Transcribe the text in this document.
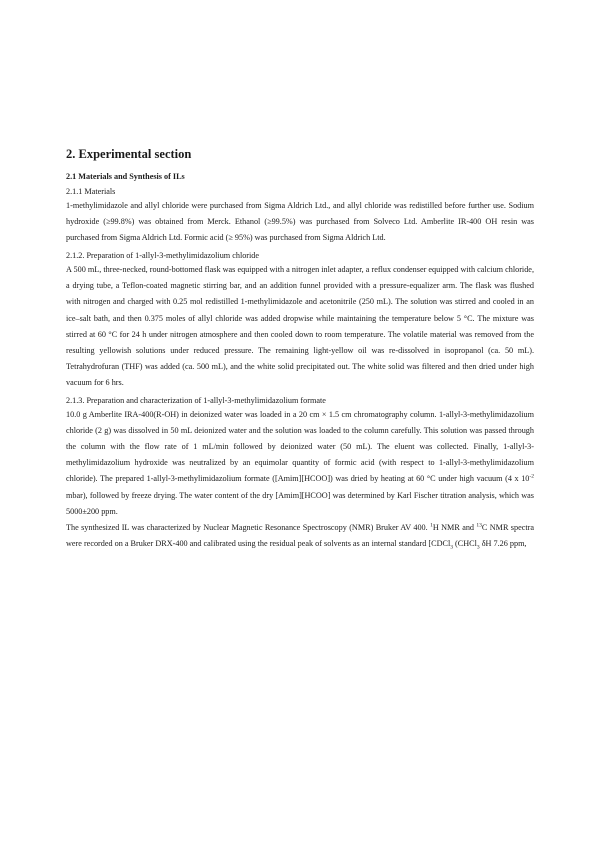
2. Experimental section
2.1 Materials and Synthesis of ILs
2.1.1 Materials

1-methylimidazole and allyl chloride were purchased from Sigma Aldrich Ltd., and allyl chloride was redistilled before further use. Sodium hydroxide (≥99.8%) was obtained from Merck. Ethanol (≥99.5%) was purchased from Solveco Ltd. Amberlite IR-400 OH resin was purchased from Sigma Aldrich Ltd. Formic acid (≥ 95%) was purchased from Sigma Aldrich Ltd.

2.1.2. Preparation of 1-allyl-3-methylimidazolium chloride

A 500 mL, three-necked, round-bottomed flask was equipped with a nitrogen inlet adapter, a reflux condenser equipped with calcium chloride, a drying tube, a Teflon-coated magnetic stirring bar, and an addition funnel provided with a pressure-equalizer arm. The flask was flushed with nitrogen and charged with 0.25 mol redistilled 1-methylimidazole and acetonitrile (250 mL). The solution was stirred and cooled in an ice–salt bath, and then 0.375 moles of allyl chloride was added dropwise while maintaining the temperature below 5 °C. The mixture was stirred at 60 °C for 24 h under nitrogen atmosphere and then cooled down to room temperature. The volatile material was removed from the resulting yellowish solutions under reduced pressure. The remaining light-yellow oil was re-dissolved in isopropanol (ca. 50 mL). Tetrahydrofuran (THF) was added (ca. 500 mL), and the white solid precipitated out. The white solid was filtered and then dried under high vacuum for 6 hrs.

2.1.3. Preparation and characterization of 1-allyl-3-methylimidazolium formate

10.0 g Amberlite IRA-400(R-OH) in deionized water was loaded in a 20 cm × 1.5 cm chromatography column. 1-allyl-3-methylimidazolium chloride (2 g) was dissolved in 50 mL deionized water and the solution was loaded to the column carefully. This solution was passed through the column with the flow rate of 1 mL/min followed by deionized water (50 mL). The eluent was collected. Finally, 1-allyl-3-methylimidazolium hydroxide was neutralized by an equimolar quantity of formic acid (with respect to 1-allyl-3-methylimidazolium chloride). The prepared 1-allyl-3-methylimidazolium formate ([Amim][HCOO]) was dried by heating at 60 °C under high vacuum (4 x $10^{-2}$ mbar), followed by freeze drying. The water content of the dry [Amim][HCOO] was determined by Karl Fischer titration analysis, which was 5000±200 ppm.

The synthesized IL was characterized by Nuclear Magnetic Resonance Spectroscopy (NMR) Bruker AV 400. $^1$H NMR and $^{13}$C NMR spectra were recorded on a Bruker DRX-400 and calibrated using the residual peak of solvents as an internal standard [CDCl$_3$ (CHCl$_3$ δH 7.26 ppm,
